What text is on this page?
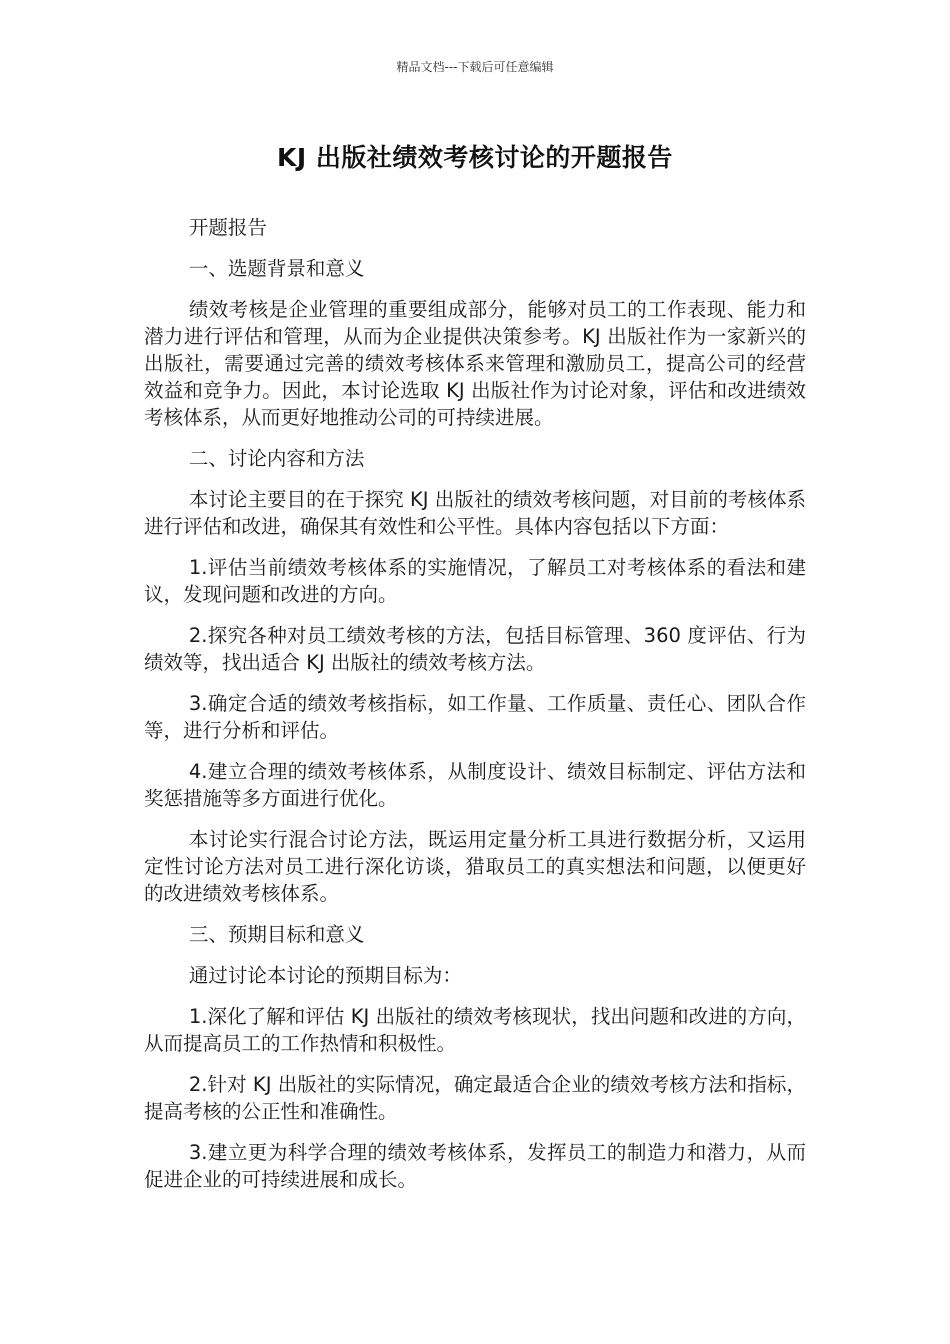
精品文档---下载后可任意编辑
KJ 出版社绩效考核讨论的开题报告

开题报告

一、选题背景和意义

绩效考核是企业管理的重要组成部分，能够对员工的工作表现、能力和潜力进行评估和管理，从而为企业提供决策参考。KJ 出版社作为一家新兴的出版社，需要通过完善的绩效考核体系来管理和激励员工，提高公司的经营效益和竞争力。因此，本讨论选取 KJ 出版社作为讨论对象，评估和改进绩效考核体系，从而更好地推动公司的可持续进展。

二、讨论内容和方法

本讨论主要目的在于探究 KJ 出版社的绩效考核问题，对目前的考核体系进行评估和改进，确保其有效性和公平性。具体内容包括以下方面：

1.评估当前绩效考核体系的实施情况，了解员工对考核体系的看法和建议，发现问题和改进的方向。

2.探究各种对员工绩效考核的方法，包括目标管理、360 度评估、行为绩效等，找出适合 KJ 出版社的绩效考核方法。

3.确定合适的绩效考核指标，如工作量、工作质量、责任心、团队合作等，进行分析和评估。

4.建立合理的绩效考核体系，从制度设计、绩效目标制定、评估方法和奖惩措施等多方面进行优化。

本讨论实行混合讨论方法，既运用定量分析工具进行数据分析，又运用定性讨论方法对员工进行深化访谈，猎取员工的真实想法和问题，以便更好的改进绩效考核体系。

三、预期目标和意义

通过讨论本讨论的预期目标为：

1.深化了解和评估 KJ 出版社的绩效考核现状，找出问题和改进的方向，从而提高员工的工作热情和积极性。

2.针对 KJ 出版社的实际情况，确定最适合企业的绩效考核方法和指标，提高考核的公正性和准确性。

3.建立更为科学合理的绩效考核体系，发挥员工的制造力和潜力，从而促进企业的可持续进展和成长。
